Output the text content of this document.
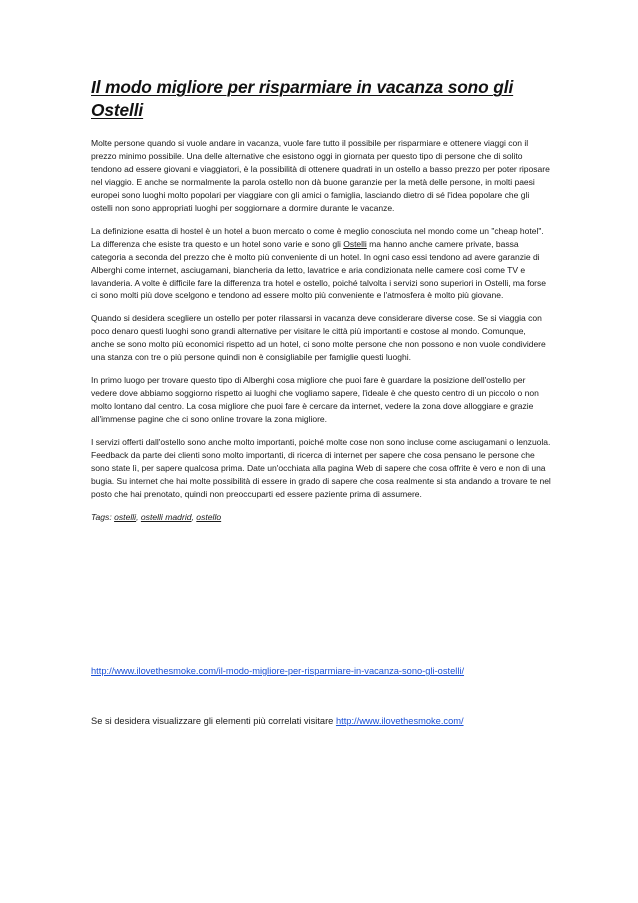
Il modo migliore per risparmiare in vacanza sono gli Ostelli

Molte persone quando si vuole andare in vacanza, vuole fare tutto il possibile per risparmiare e ottenere viaggi con il prezzo minimo possibile. Una delle alternative che esistono oggi in giornata per questo tipo di persone che di solito tendono ad essere giovani e viaggiatori, è la possibilità di ottenere quadrati in un ostello a basso prezzo per poter riposare nel viaggio. E anche se normalmente la parola ostello non dà buone garanzie per la metà delle persone, in molti paesi europei sono luoghi molto popolari per viaggiare con gli amici o famiglia, lasciando dietro di sé l'idea popolare che gli ostelli non sono appropriati luoghi per soggiornare a dormire durante le vacanze.

La definizione esatta di hostel è un hotel a buon mercato o come è meglio conosciuta nel mondo come un "cheap hotel". La differenza che esiste tra questo e un hotel sono varie e sono gli Ostelli ma hanno anche camere private, bassa categoria a seconda del prezzo che è molto più conveniente di un hotel. In ogni caso essi tendono ad avere garanzie di Alberghi come internet, asciugamani, biancheria da letto, lavatrice e aria condizionata nelle camere così come TV e lavanderia. A volte è difficile fare la differenza tra hotel e ostello, poiché talvolta i servizi sono superiori in Ostelli, ma forse ci sono molti più dove scelgono e tendono ad essere molto più conveniente e l'atmosfera è molto più giovane.

Quando si desidera scegliere un ostello per poter rilassarsi in vacanza deve considerare diverse cose. Se si viaggia con poco denaro questi luoghi sono grandi alternative per visitare le città più importanti e costose al mondo. Comunque, anche se sono molto più economici rispetto ad un hotel, ci sono molte persone che non possono e non vuole condividere una stanza con tre o più persone quindi non è consigliabile per famiglie questi luoghi.

In primo luogo per trovare questo tipo di Alberghi cosa migliore che puoi fare è guardare la posizione dell'ostello per vedere dove abbiamo soggiorno rispetto ai luoghi che vogliamo sapere, l'ideale è che questo centro di un piccolo o non molto lontano dal centro. La cosa migliore che puoi fare è cercare da internet, vedere la zona dove alloggiare e grazie all'immense pagine che ci sono online trovare la zona migliore.

I servizi offerti dall'ostello sono anche molto importanti, poiché molte cose non sono incluse come asciugamani o lenzuola. Feedback da parte dei clienti sono molto importanti, di ricerca di internet per sapere che cosa pensano le persone che sono state lì, per sapere qualcosa prima. Date un'occhiata alla pagina Web di sapere che cosa offrite è vero e non di una bugia. Su internet che hai molte possibilità di essere in grado di sapere che cosa realmente si sta andando a trovare te nel posto che hai prenotato, quindi non preoccuparti ed essere paziente prima di assumere.

Tags: ostelli, ostelli madrid, ostello

http://www.ilovethesmoke.com/il-modo-migliore-per-risparmiare-in-vacanza-sono-gli-ostelli/
Se si desidera visualizzare gli elementi più correlati visitare http://www.ilovethesmoke.com/
